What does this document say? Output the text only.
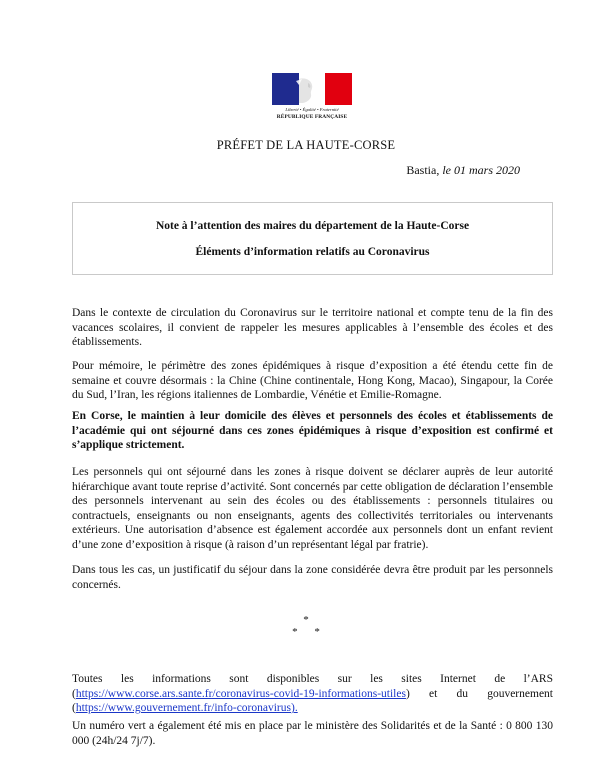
Liberté • Égalité • Fraternité
RÉPUBLIQUE FRANÇAISE
PRÉFET DE LA HAUTE-CORSE
Bastia, le 01 mars 2020
Note à l’attention des maires du département de la Haute-Corse
Éléments d’information relatifs au Coronavirus

Dans le contexte de circulation du Coronavirus sur le territoire national et compte tenu de la fin des vacances scolaires, il convient de rappeler les mesures applicables à l’ensemble des écoles et des établissements.

Pour mémoire, le périmètre des zones épidémiques à risque d’exposition a été étendu cette fin de semaine et couvre désormais : la Chine (Chine continentale, Hong Kong, Macao), Singapour, la Corée du Sud, l’Iran, les régions italiennes de Lombardie, Vénétie et Emilie-Romagne.

En Corse, le maintien à leur domicile des élèves et personnels des écoles et établissements de l’académie qui ont séjourné dans ces zones épidémiques à risque d’exposition est confirmé et s’applique strictement.

Les personnels qui ont séjourné dans les zones à risque doivent se déclarer auprès de leur autorité hiérarchique avant toute reprise d’activité. Sont concernés par cette obligation de déclaration l’ensemble des personnels intervenant au sein des écoles ou des établissements : personnels titulaires ou contractuels, enseignants ou non enseignants, agents des collectivités territoriales ou intervenants extérieurs. Une autorisation d’absence est également accordée aux personnels dont un enfant revient d’une zone d’exposition à risque (à raison d’un représentant légal par fratrie).

Dans tous les cas, un justificatif du séjour dans la zone considérée devra être produit par les personnels concernés.

*
* *

Toutes les informations sont disponibles sur les sites Internet de l’ARS (https://www.corse.ars.sante.fr/coronavirus-covid-19-informations-utiles) et du gouvernement (https://www.gouvernement.fr/info-coronavirus).

Un numéro vert a également été mis en place par le ministère des Solidarités et de la Santé : 0 800 130 000 (24h/24 7j/7).
